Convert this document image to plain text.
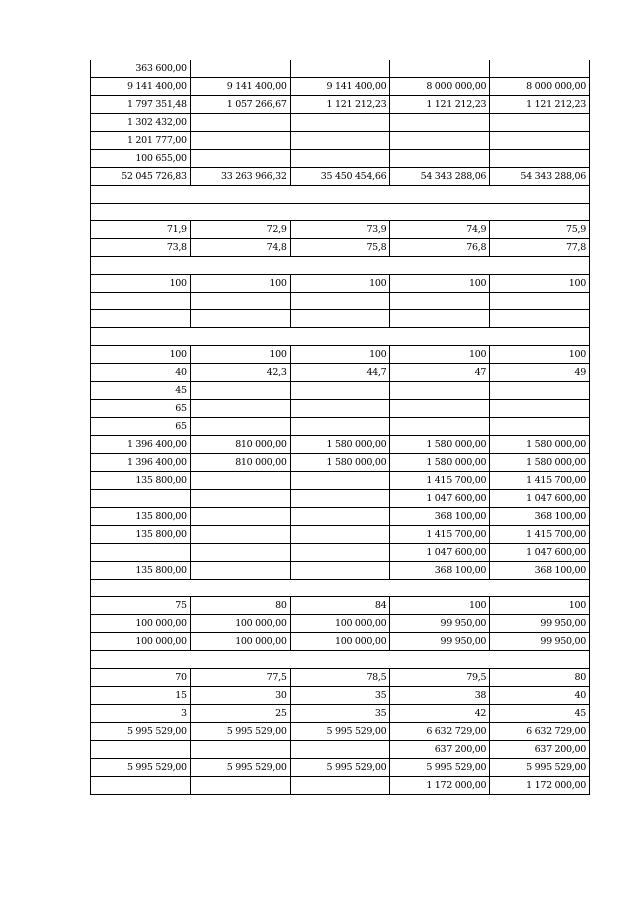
363 600,00				
9 141 400,00	9 141 400,00	9 141 400,00	8 000 000,00	8 000 000,00
1 797 351,48	1 057 266,67	1 121 212,23	1 121 212,23	1 121 212,23
1 302 432,00				
1 201 777,00				
100 655,00				
52 045 726,83	33 263 966,32	35 450 454,66	54 343 288,06	54 343 288,06

71,9	72,9	73,9	74,9	75,9
73,8	74,8	75,8	76,8	77,8

100	100	100	100	100

100	100	100	100	100
40	42,3	44,7	47	49
45				
65				
65				
1 396 400,00	810 000,00	1 580 000,00	1 580 000,00	1 580 000,00
1 396 400,00	810 000,00	1 580 000,00	1 580 000,00	1 580 000,00
135 800,00			1 415 700,00	1 415 700,00
			1 047 600,00	1 047 600,00
135 800,00			368 100,00	368 100,00
135 800,00			1 415 700,00	1 415 700,00
			1 047 600,00	1 047 600,00
135 800,00			368 100,00	368 100,00

75	80	84	100	100
100 000,00	100 000,00	100 000,00	99 950,00	99 950,00
100 000,00	100 000,00	100 000,00	99 950,00	99 950,00

70	77,5	78,5	79,5	80
15	30	35	38	40
3	25	35	42	45
5 995 529,00	5 995 529,00	5 995 529,00	6 632 729,00	6 632 729,00
			637 200,00	637 200,00
5 995 529,00	5 995 529,00	5 995 529,00	5 995 529,00	5 995 529,00
			1 172 000,00	1 172 000,00
